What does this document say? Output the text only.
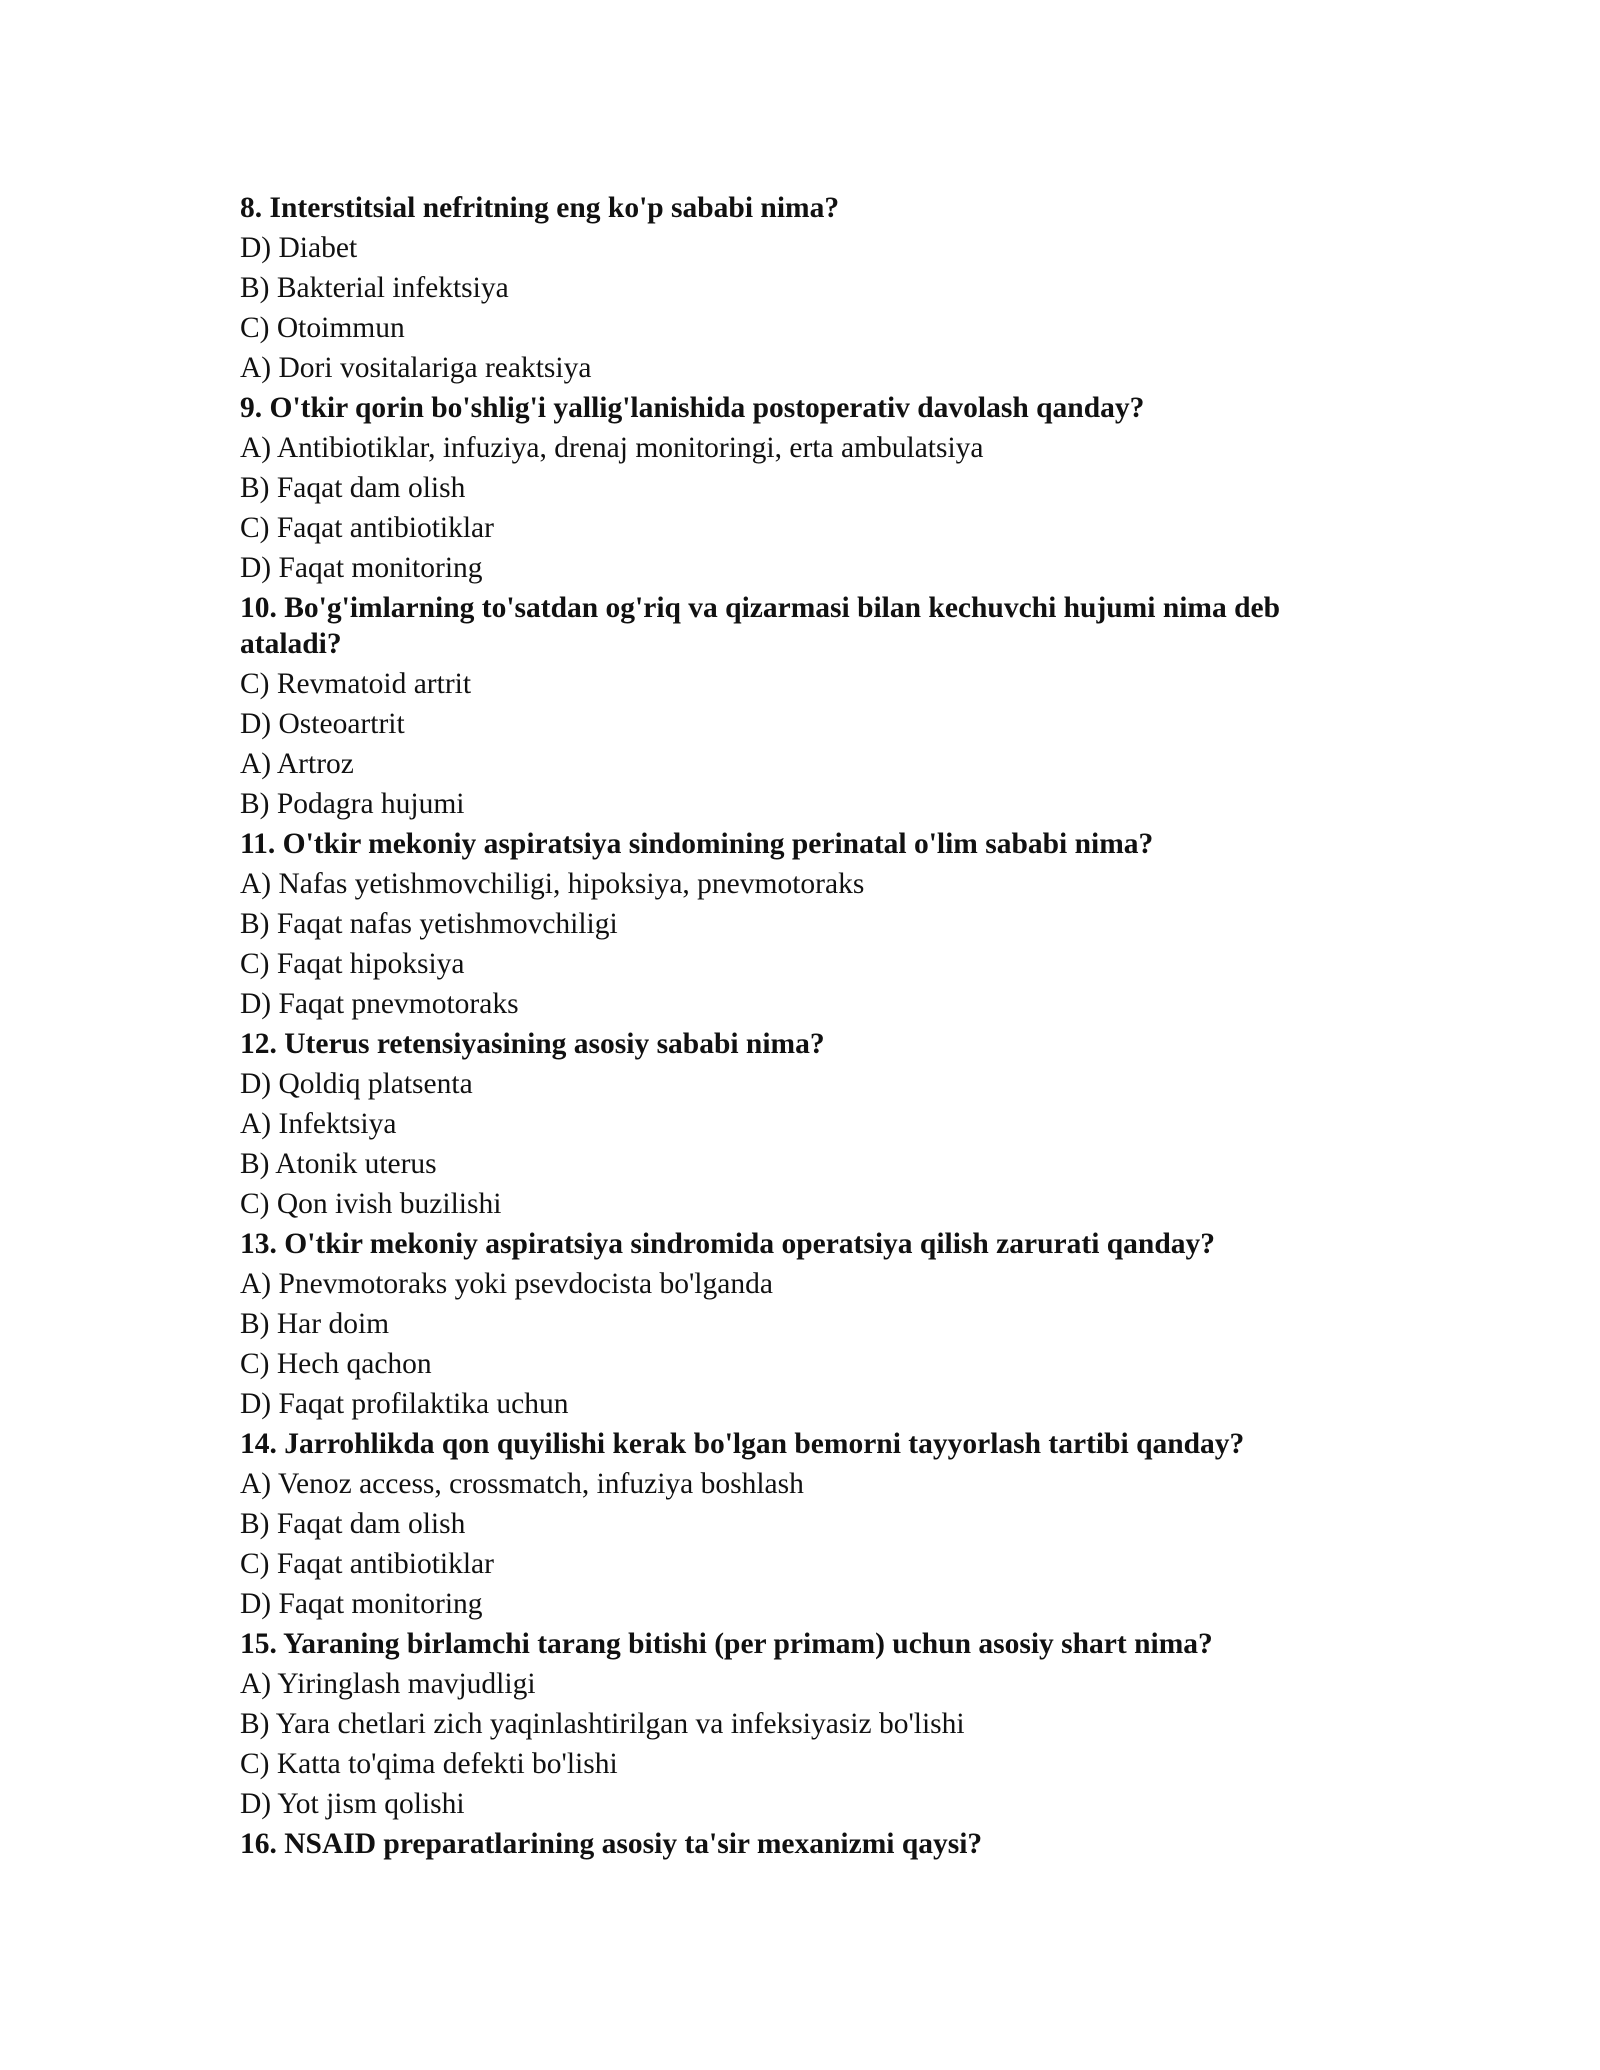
8. Interstitsial nefritning eng ko'p sababi nima?

D) Diabet

B) Bakterial infektsiya

C) Otoimmun

A) Dori vositalariga reaktsiya

9. O'tkir qorin bo'shlig'i yallig'lanishida postoperativ davolash qanday?

A) Antibiotiklar, infuziya, drenaj monitoringi, erta ambulatsiya

B) Faqat dam olish

C) Faqat antibiotiklar

D) Faqat monitoring

10. Bo'g'imlarning to'satdan og'riq va qizarmasi bilan kechuvchi hujumi nima deb ataladi?

C) Revmatoid artrit

D) Osteoartrit

A) Artroz

B) Podagra hujumi

11. O'tkir mekoniy aspiratsiya sindomining perinatal o'lim sababi nima?

A) Nafas yetishmovchiligi, hipoksiya, pnevmotoraks

B) Faqat nafas yetishmovchiligi

C) Faqat hipoksiya

D) Faqat pnevmotoraks

12. Uterus retensiyasining asosiy sababi nima?

D) Qoldiq platsenta

A) Infektsiya

B) Atonik uterus

C) Qon ivish buzilishi

13. O'tkir mekoniy aspiratsiya sindromida operatsiya qilish zarurati qanday?

A) Pnevmotoraks yoki psevdocista bo'lganda

B) Har doim

C) Hech qachon

D) Faqat profilaktika uchun

14. Jarrohlikda qon quyilishi kerak bo'lgan bemorni tayyorlash tartibi qanday?

A) Venoz access, crossmatch, infuziya boshlash

B) Faqat dam olish

C) Faqat antibiotiklar

D) Faqat monitoring

15. Yaraning birlamchi tarang bitishi (per primam) uchun asosiy shart nima?

A) Yiringlash mavjudligi

B) Yara chetlari zich yaqinlashtirilgan va infeksiyasiz bo'lishi

C) Katta to'qima defekti bo'lishi

D) Yot jism qolishi

16. NSAID preparatlarining asosiy ta'sir mexanizmi qaysi?
